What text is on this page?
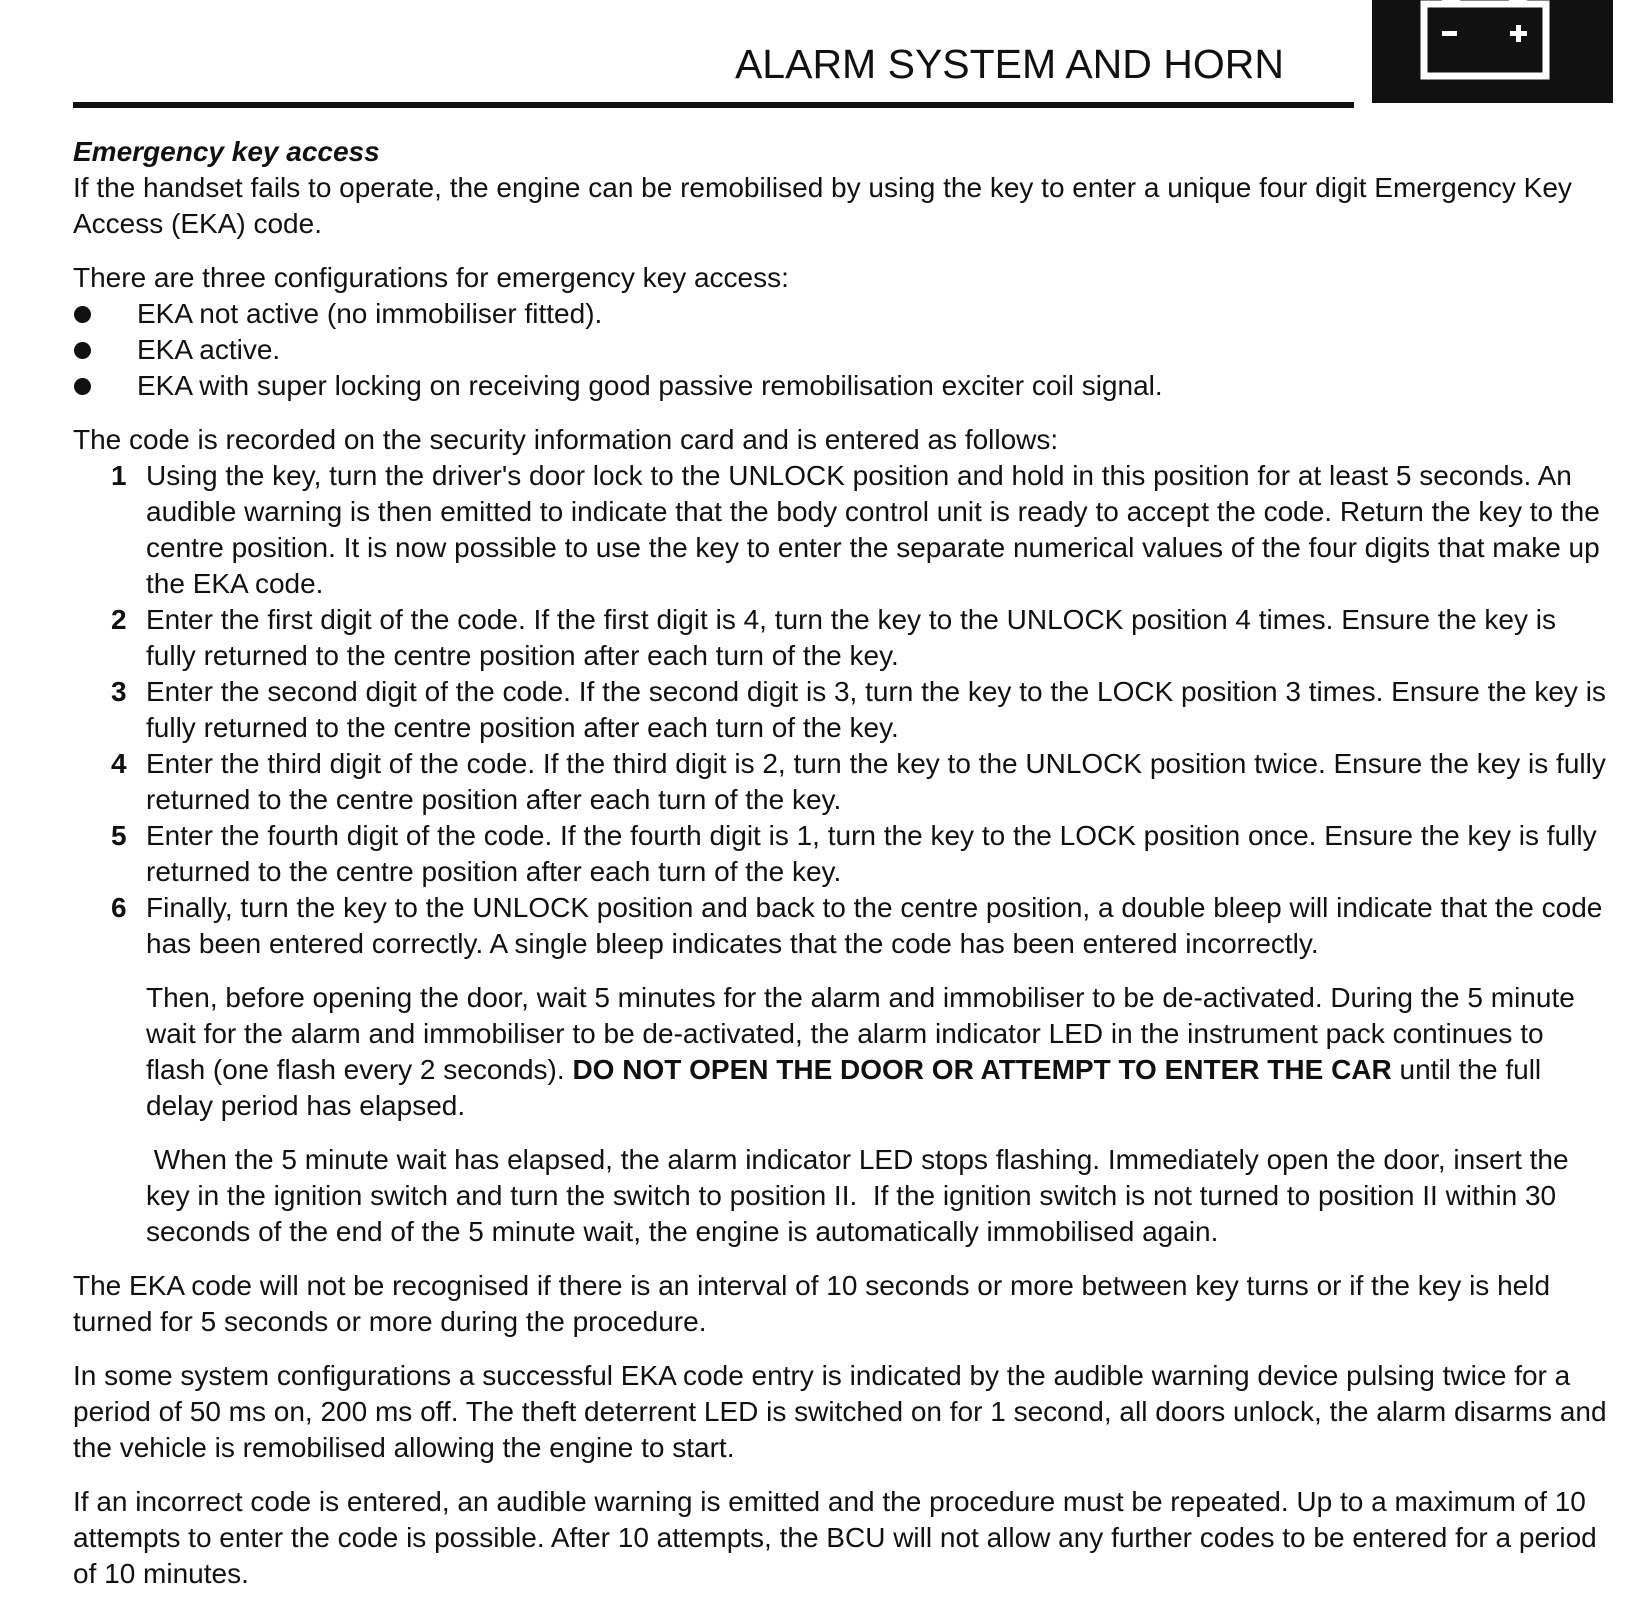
ALARM SYSTEM AND HORN

Emergency key access

If the handset fails to operate, the engine can be remobilised by using the key to enter a unique four digit Emergency Key Access (EKA) code.

There are three configurations for emergency key access:

EKA not active (no immobiliser fitted).
EKA active.
EKA with super locking on receiving good passive remobilisation exciter coil signal.

The code is recorded on the security information card and is entered as follows:

1 Using the key, turn the driver's door lock to the UNLOCK position and hold in this position for at least 5 seconds. An audible warning is then emitted to indicate that the body control unit is ready to accept the code. Return the key to the centre position. It is now possible to use the key to enter the separate numerical values of the four digits that make up the EKA code.
2 Enter the first digit of the code. If the first digit is 4, turn the key to the UNLOCK position 4 times. Ensure the key is fully returned to the centre position after each turn of the key.
3 Enter the second digit of the code. If the second digit is 3, turn the key to the LOCK position 3 times. Ensure the key is fully returned to the centre position after each turn of the key.
4 Enter the third digit of the code. If the third digit is 2, turn the key to the UNLOCK position twice. Ensure the key is fully returned to the centre position after each turn of the key.
5 Enter the fourth digit of the code. If the fourth digit is 1, turn the key to the LOCK position once. Ensure the key is fully returned to the centre position after each turn of the key.
6 Finally, turn the key to the UNLOCK position and back to the centre position, a double bleep will indicate that the code has been entered correctly. A single bleep indicates that the code has been entered incorrectly.

Then, before opening the door, wait 5 minutes for the alarm and immobiliser to be de-activated. During the 5 minute wait for the alarm and immobiliser to be de-activated, the alarm indicator LED in the instrument pack continues to flash (one flash every 2 seconds). DO NOT OPEN THE DOOR OR ATTEMPT TO ENTER THE CAR until the full delay period has elapsed.

When the 5 minute wait has elapsed, the alarm indicator LED stops flashing. Immediately open the door, insert the key in the ignition switch and turn the switch to position II.  If the ignition switch is not turned to position II within 30 seconds of the end of the 5 minute wait, the engine is automatically immobilised again.

The EKA code will not be recognised if there is an interval of 10 seconds or more between key turns or if the key is held turned for 5 seconds or more during the procedure.

In some system configurations a successful EKA code entry is indicated by the audible warning device pulsing twice for a period of 50 ms on, 200 ms off. The theft deterrent LED is switched on for 1 second, all doors unlock, the alarm disarms and the vehicle is remobilised allowing the engine to start.

If an incorrect code is entered, an audible warning is emitted and the procedure must be repeated. Up to a maximum of 10 attempts to enter the code is possible. After 10 attempts, the BCU will not allow any further codes to be entered for a period of 10 minutes.
